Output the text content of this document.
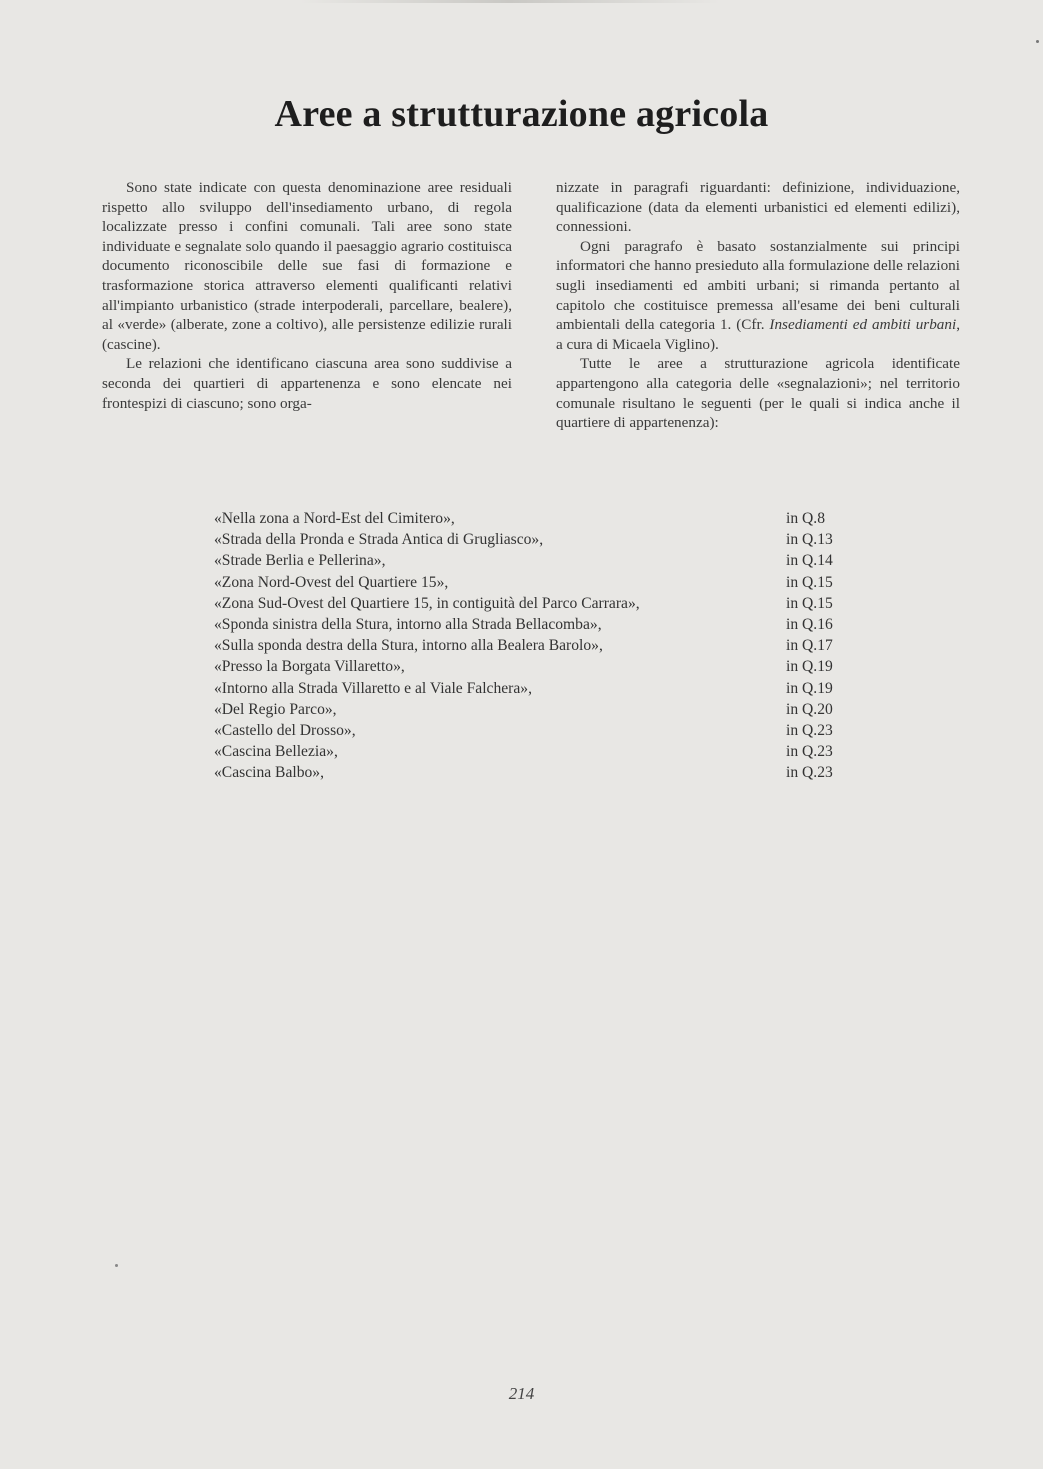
Aree a strutturazione agricola

Sono state indicate con questa denominazione aree residuali rispetto allo sviluppo dell'insediamento urbano, di regola localizzate presso i confini comunali. Tali aree sono state individuate e segnalate solo quando il paesaggio agrario costituisca documento riconoscibile delle sue fasi di formazione e trasformazione storica attraverso elementi qualificanti relativi all'impianto urbanistico (strade interpoderali, parcellare, bealere), al «verde» (alberate, zone a coltivo), alle persistenze edilizie rurali (cascine).

Le relazioni che identificano ciascuna area sono suddivise a seconda dei quartieri di appartenenza e sono elencate nei frontespizi di ciascuno; sono orga-

nizzate in paragrafi riguardanti: definizione, individuazione, qualificazione (data da elementi urbanistici ed elementi edilizi), connessioni.

Ogni paragrafo è basato sostanzialmente sui principi informatori che hanno presieduto alla formulazione delle relazioni sugli insediamenti ed ambiti urbani; si rimanda pertanto al capitolo che costituisce premessa all'esame dei beni culturali ambientali della categoria 1. (Cfr. Insediamenti ed ambiti urbani, a cura di Micaela Viglino).

Tutte le aree a strutturazione agricola identificate appartengono alla categoria delle «segnalazioni»; nel territorio comunale risultano le seguenti (per le quali si indica anche il quartiere di appartenenza):

«Nella zona a Nord-Est del Cimitero»,	in Q.8
«Strada della Pronda e Strada Antica di Grugliasco»,	in Q.13
«Strade Berlia e Pellerina»,	in Q.14
«Zona Nord-Ovest del Quartiere 15»,	in Q.15
«Zona Sud-Ovest del Quartiere 15, in contiguità del Parco Carrara»,	in Q.15
«Sponda sinistra della Stura, intorno alla Strada Bellacomba»,	in Q.16
«Sulla sponda destra della Stura, intorno alla Bealera Barolo»,	in Q.17
«Presso la Borgata Villaretto»,	in Q.19
«Intorno alla Strada Villaretto e al Viale Falchera»,	in Q.19
«Del Regio Parco»,	in Q.20
«Castello del Drosso»,	in Q.23
«Cascina Bellezia»,	in Q.23
«Cascina Balbo»,	in Q.23
214
